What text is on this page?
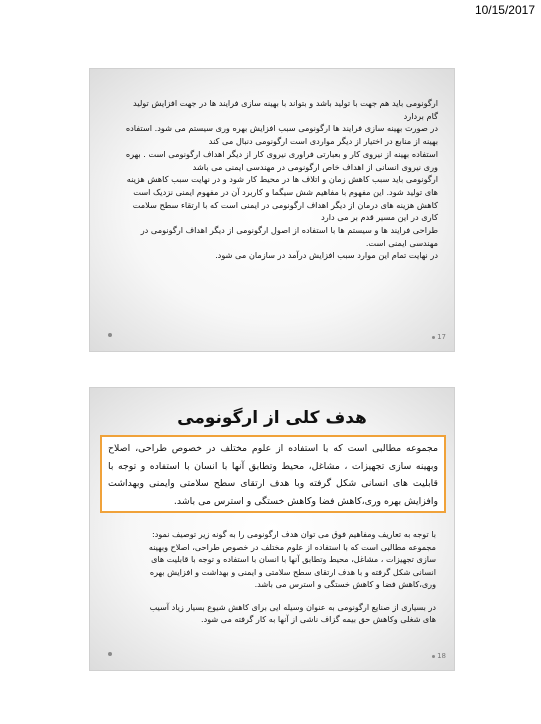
10/15/2017

ارگونومی باید هم جهت با تولید باشد و بتواند با بهینه سازی فرایند ها در جهت افزایش تولید

گام بردارد

در صورت بهینه سازی فرایند ها ارگونومی سبب افزایش بهره وری سیستم می شود. استفاده

بهینه از منابع در اختیار از دیگر مواردی است ارگونومی دنبال می کند

استفاده بهینه از نیروی کار و بعبارتی فراوری نیروی کار از دیگر اهداف ارگونومی است . بهره

وری نیروی انسانی از اهداف خاص ارگونومی در مهندسی ایمنی می باشد

ارگونومی باید سبب کاهش زمان و اتلاف ها در محیط کار شود و در نهایت سبب کاهش هزینه

های تولید شود. این مفهوم با مفاهیم شش سیگما و کاربرد آن در مفهوم ایمنی نزدیک است

کاهش هزینه های درمان از دیگر اهداف ارگونومی در ایمنی است که با ارتقاء سطح سلامت

کاری در این مسیر قدم بر می دارد

طراحی فرایند ها و سیستم ها با استفاده از اصول ارگونومی از دیگر اهداف ارگونومی در

مهندسی ایمنی است.

در نهایت تمام این موارد سبب افزایش درآمد در سازمان می شود.

17
هدف کلی از ارگونومی
مجموعه مطالبی است که با استفاده از علوم مختلف در خصوص طراحی، اصلاح وبهینه سازی تجهیزات ، مشاغل، محیط وتطابق آنها با انسان با استفاده و توجه با قابلیت های انسانی شکل گرفته وبا هدف ارتقای سطح سلامتی وایمنی وبهداشت وافزایش بهره وری،کاهش فضا وکاهش خستگی و استرس می باشد.

با توجه به تعاریف ومفاهیم فوق می توان هدف ارگونومی را به گونه زیر توصیف نمود:

مجموعه مطالبی است که با استفاده از علوم مختلف در خصوص طراحی، اصلاح وبهینه

سازی تجهیزات ، مشاغل، محیط وتطابق آنها با انسان با استفاده و توجه با قابلیت های

انسانی شکل گرفته و با هدف ارتقای سطح سلامتی و ایمنی و بهداشت و افزایش بهره

وری،کاهش فضا و کاهش خستگی و استرس می باشد.

در بسیاری از صنایع ارگونومی به عنوان وسیله ایی برای کاهش شیوع بسیار زیاد آسیب

های شغلی وکاهش حق بیمه گزاف ناشی از آنها به کار گرفته می شود.

18
